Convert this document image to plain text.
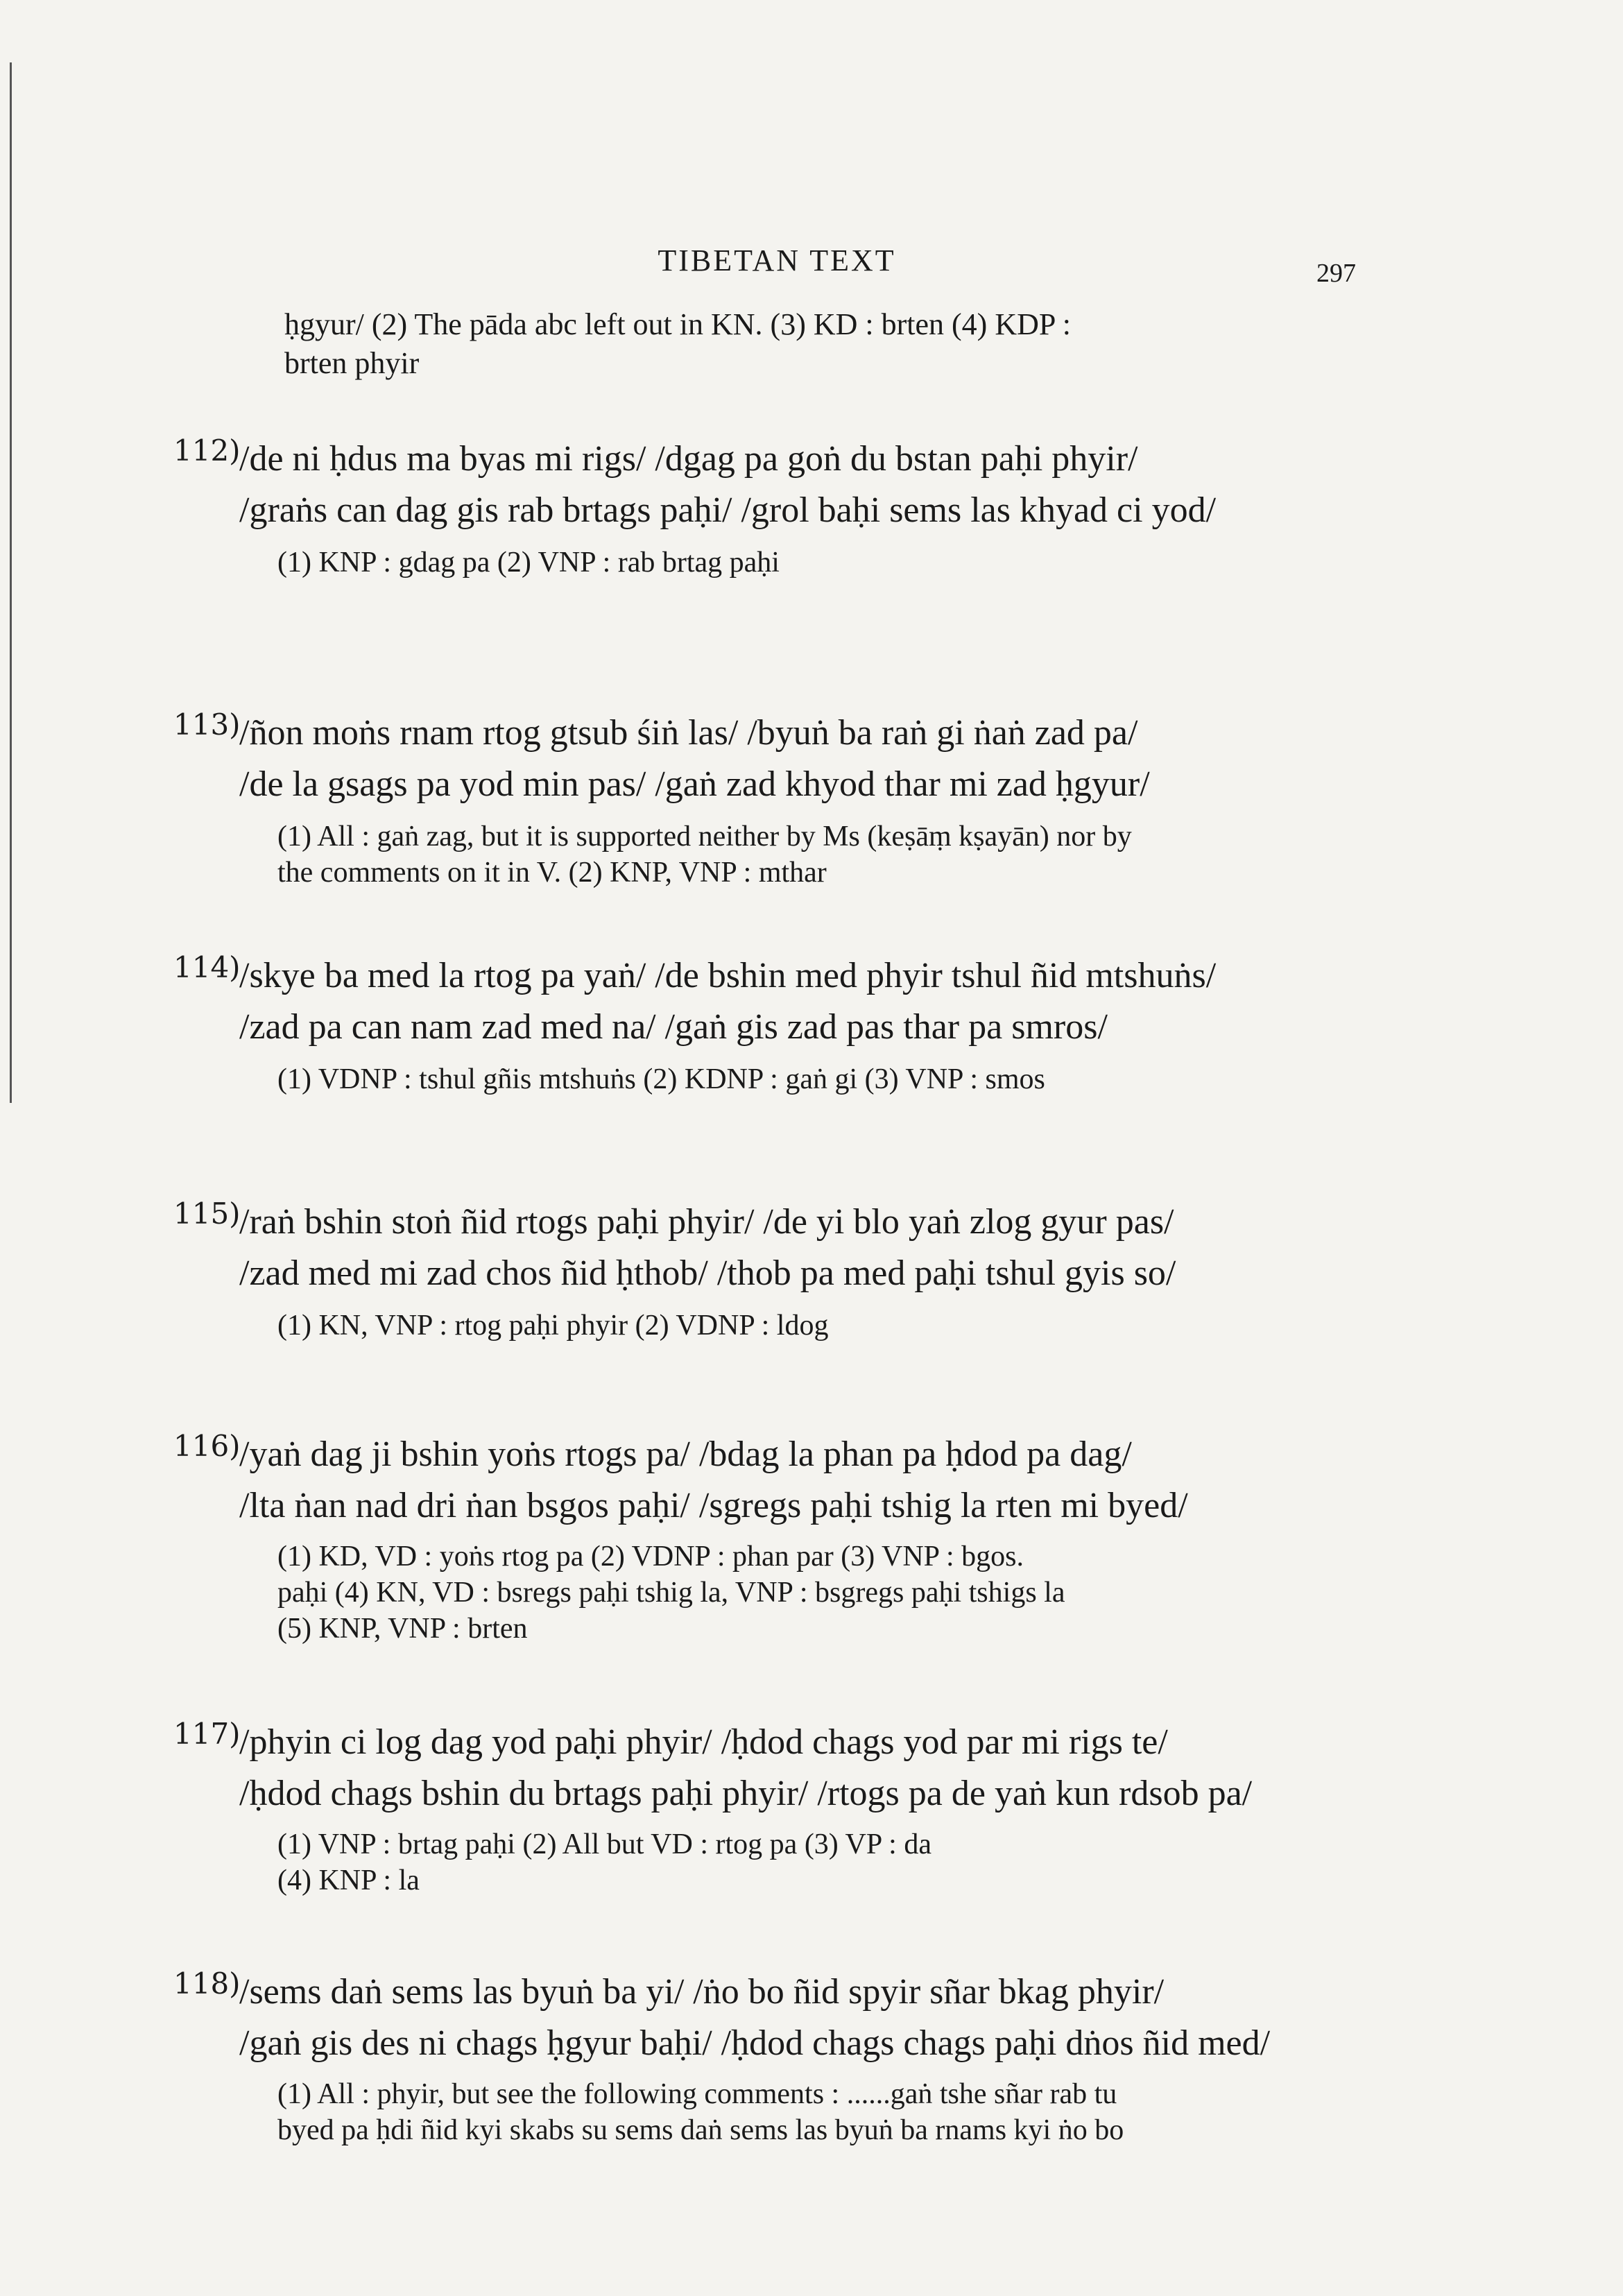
TIBETAN TEXT	297
ḥgyur/ (2) The pāda abc left out in KN. (3) KD : brten (4) KDP :
brten phyir
112)
/de ni ḥdus ma byas mi rigs/ /dgag pa goṅ du bstan paḥi phyir/
/graṅs can dag gis rab brtags paḥi/ /grol baḥi sems las khyad ci yod/
(1) KNP : gdag pa (2) VNP : rab brtag paḥi
113)
/ñon moṅs rnam rtog gtsub śiṅ las/ /byuṅ ba raṅ gi ṅaṅ zad pa/
/de la gsags pa yod min pas/ /gaṅ zad khyod thar mi zad ḥgyur/
(1) All : gaṅ zag, but it is supported neither by Ms (keṣāṃ kṣayān) nor by
the comments on it in V. (2) KNP, VNP : mthar
114)
/skye ba med la rtog pa yaṅ/ /de bshin med phyir tshul ñid mtshuṅs/
/zad pa can nam zad med na/ /gaṅ gis zad pas thar pa smros/
(1) VDNP : tshul gñis mtshuṅs (2) KDNP : gaṅ gi (3) VNP : smos
115)
/raṅ bshin stoṅ ñid rtogs paḥi phyir/ /de yi blo yaṅ zlog gyur pas/
/zad med mi zad chos ñid ḥthob/ /thob pa med paḥi tshul gyis so/
(1) KN, VNP : rtog paḥi phyir (2) VDNP : ldog
116)
/yaṅ dag ji bshin yoṅs rtogs pa/ /bdag la phan pa ḥdod pa dag/
/lta ṅan nad dri ṅan bsgos paḥi/ /sgregs paḥi tshig la rten mi byed/
(1) KD, VD : yoṅs rtog pa (2) VDNP : phan par (3) VNP : bgos.
paḥi (4) KN, VD : bsregs paḥi tshig la, VNP : bsgregs paḥi tshigs la
(5) KNP, VNP : brten
117)
/phyin ci log dag yod paḥi phyir/ /ḥdod chags yod par mi rigs te/
/ḥdod chags bshin du brtags paḥi phyir/ /rtogs pa de yaṅ kun rdsob pa/
(1) VNP : brtag paḥi (2) All but VD : rtog pa (3) VP : da
(4) KNP : la
118)
/sems daṅ sems las byuṅ ba yi/ /ṅo bo ñid spyir sñar bkag phyir/
/gaṅ gis des ni chags ḥgyur baḥi/ /ḥdod chags chags paḥi dṅos ñid med/
(1) All : phyir, but see the following comments : ......gaṅ tshe sñar rab tu
byed pa ḥdi ñid kyi skabs su sems daṅ sems las byuṅ ba rnams kyi ṅo bo
